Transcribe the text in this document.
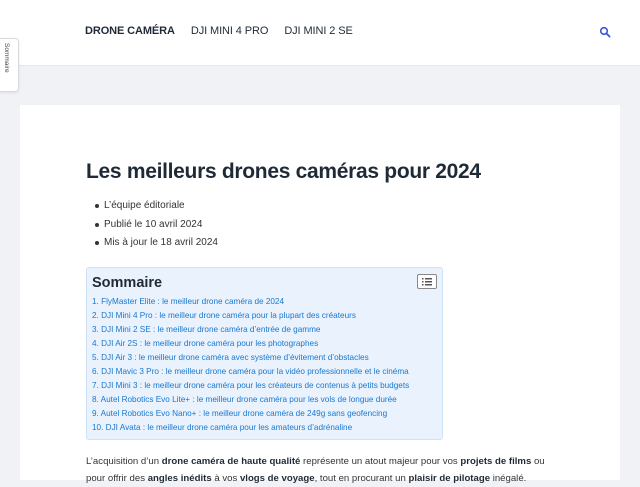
DRONE CAMÉRA DJI MINI 4 PRO DJI MINI 2 SE
Sommaire
Les meilleurs drones caméras pour 2024
L’équipe éditoriale
Publié le 10 avril 2024
Mis à jour le 18 avril 2024
Sommaire
1. FlyMaster Elite : le meilleur drone caméra de 2024
2. DJI Mini 4 Pro : le meilleur drone caméra pour la plupart des créateurs
3. DJI Mini 2 SE : le meilleur drone caméra d’entrée de gamme
4. DJI Air 2S : le meilleur drone caméra pour les photographes
5. DJI Air 3 : le meilleur drone caméra avec système d’évitement d’obstacles
6. DJI Mavic 3 Pro : le meilleur drone caméra pour la vidéo professionnelle et le cinéma
7. DJI Mini 3 : le meilleur drone caméra pour les créateurs de contenus à petits budgets
8. Autel Robotics Evo Lite+ : le meilleur drone caméra pour les vols de longue durée
9. Autel Robotics Evo Nano+ : le meilleur drone caméra de 249g sans geofencing
10. DJI Avata : le meilleur drone caméra pour les amateurs d’adrénaline

L’acquisition d’un drone caméra de haute qualité représente un atout majeur pour vos projets de films ou
pour offrir des angles inédits à vos vlogs de voyage, tout en procurant un plaisir de pilotage inégalé.
